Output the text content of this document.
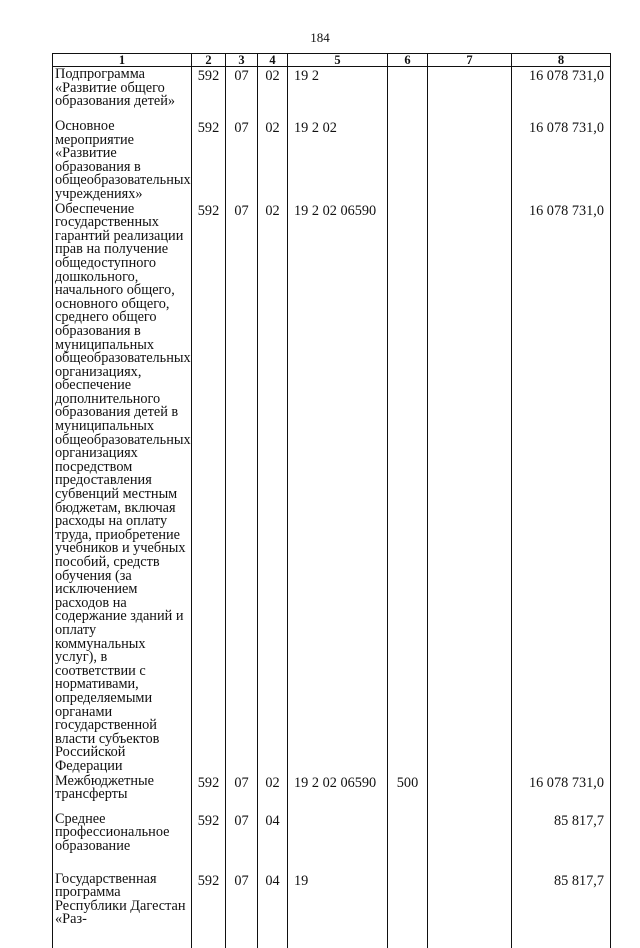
184
1	2	3	4	5	6	7	8
Подпрограмма «Развитие общего образования детей»	592	07	02	19 2			16 078 731,0
Основное мероприятие «Развитие образования в общеобразовательных учреждениях»	592	07	02	19 2 02			16 078 731,0
Обеспечение государственных гарантий реализации прав на получение общедоступного дошкольного, начального общего, основного общего, среднего общего образования в муниципальных общеобразовательных организациях, обеспечение дополнительного образования детей в муниципальных общеобразовательных организациях посредством предоставления субвенций местным бюджетам, включая расходы на оплату труда, приобретение учебников и учебных пособий, средств обучения (за исключением расходов на содержание зданий и оплату коммунальных услуг), в соответствии с нормативами, определяемыми органами государственной власти субъектов Российской Федерации	592	07	02	19 2 02 06590			16 078 731,0
Межбюджетные трансферты	592	07	02	19 2 02 06590	500		16 078 731,0
Среднее профессиональное образование	592	07	04				85 817,7
Государственная программа Республики Дагестан «Раз-	592	07	04	19			85 817,7
